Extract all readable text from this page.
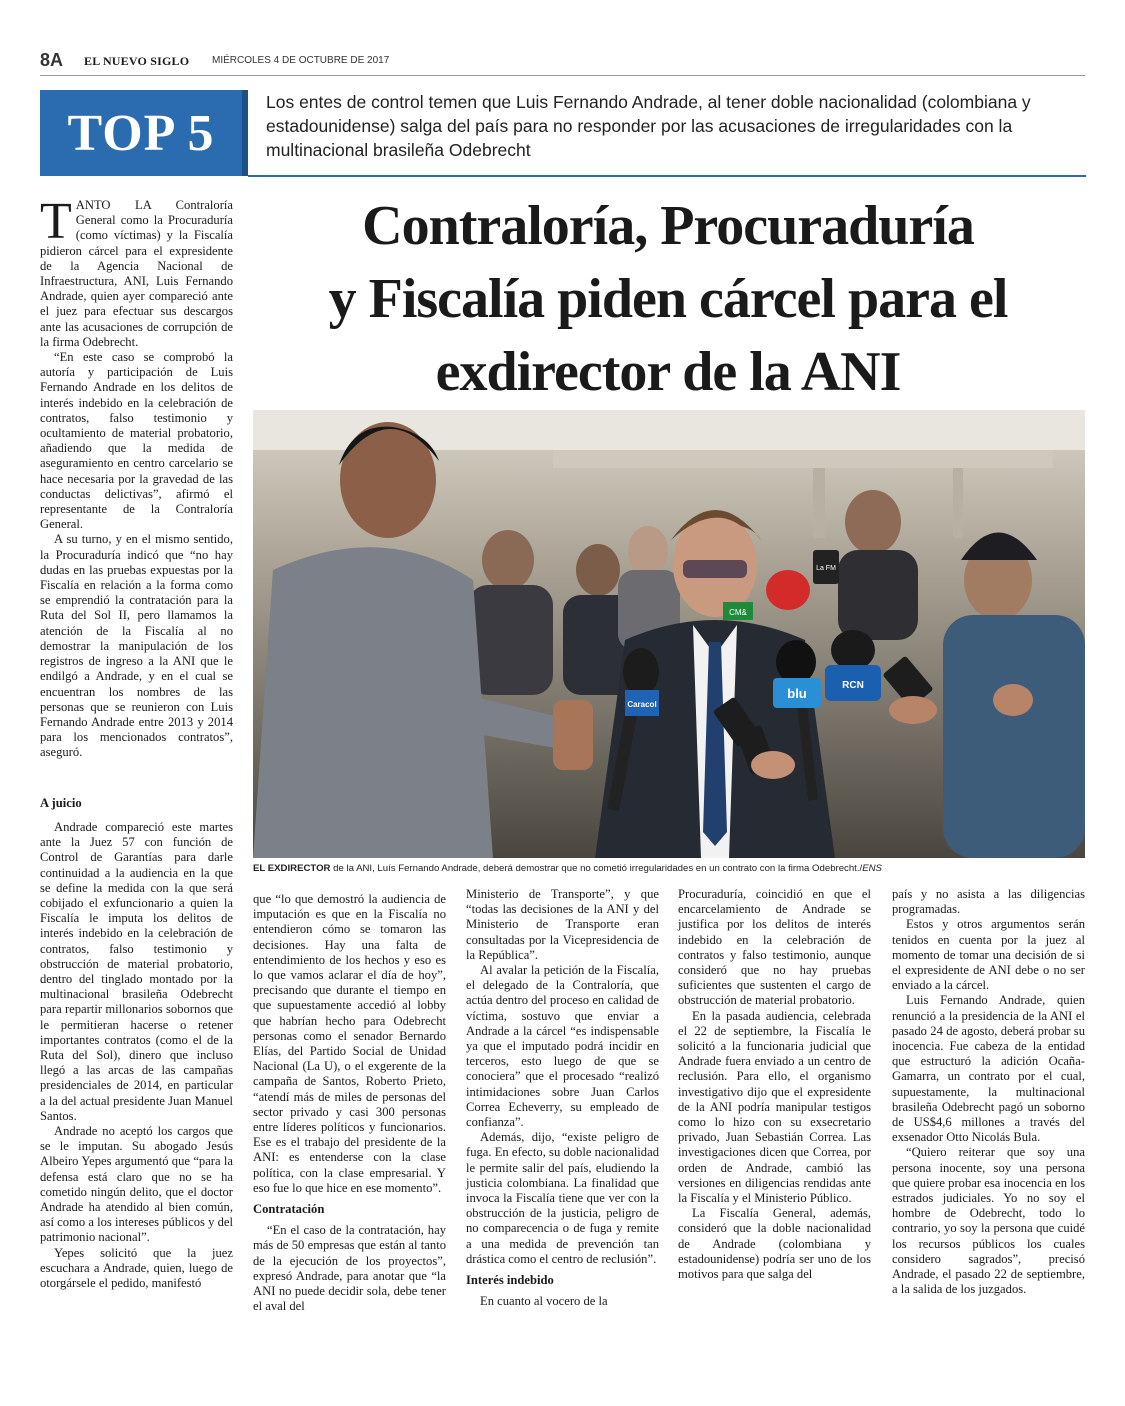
8A EL NUEVO SIGLO MIÉRCOLES 4 DE OCTUBRE DE 2017
TOP 5
Los entes de control temen que Luis Fernando Andrade, al tener doble nacionalidad (colombiana y estadounidense) salga del país para no responder por las acusaciones de irregularidades con la multinacional brasileña Odebrecht
Contraloría, Procuraduría
y Fiscalía piden cárcel para el
exdirector de la ANI
Caracol
blu
RCN
CM&
La FM
EL EXDIRECTOR de la ANI, Luís Fernando Andrade, deberá demostrar que no cometió irregularidades en un contrato con la firma Odebrecht./ENS

TANTO LA Contraloría General como la Procuraduría (como víctimas) y la Fiscalía pidieron cárcel para el expresidente de la Agencia Nacional de Infraestructura, ANI, Luis Fernando Andrade, quien ayer compareció ante el juez para efectuar sus descargos ante las acusaciones de corrupción de la firma Odebrecht.

“En este caso se comprobó la autoría y participación de Luis Fernando Andrade en los delitos de interés indebido en la celebración de contratos, falso testimonio y ocultamiento de material probatorio, añadiendo que la medida de aseguramiento en centro carcelario se hace necesaria por la gravedad de las conductas delictivas”, afirmó el representante de la Contraloría General.

A su turno, y en el mismo sentido, la Procuraduría indicó que “no hay dudas en las pruebas expuestas por la Fiscalía en relación a la forma como se emprendió la contratación para la Ruta del Sol II, pero llamamos la atención de la Fiscalía al no demostrar la manipulación de los registros de ingreso a la ANI que le endilgó a Andrade, y en el cual se encuentran los nombres de las personas que se reunieron con Luis Fernando Andrade entre 2013 y 2014 para los mencionados contratos”, aseguró.

A juicio

Andrade compareció este martes ante la Juez 57 con función de Control de Garantías para darle continuidad a la audiencia en la que se define la medida con la que será cobijado el exfuncionario a quien la Fiscalía le imputa los delitos de interés indebido en la celebración de contratos, falso testimonio y obstrucción de material probatorio, dentro del tinglado montado por la multinacional brasileña Odebrecht para repartir millonarios sobornos que le permitieran hacerse o retener importantes contratos (como el de la Ruta del Sol), dinero que incluso llegó a las arcas de las campañas presidenciales de 2014, en particular a la del actual presidente Juan Manuel Santos.

Andrade no aceptó los cargos que se le imputan. Su abogado Jesús Albeiro Yepes argumentó que “para la defensa está claro que no se ha cometido ningún delito, que el doctor Andrade ha atendido al bien común, así como a los intereses públicos y del patrimonio nacional”.

Yepes solicitó que la juez escuchara a Andrade, quien, luego de otorgársele el pedido, manifestó

que “lo que demostró la audiencia de imputación es que en la Fiscalía no entendieron cómo se tomaron las decisiones. Hay una falta de entendimiento de los hechos y eso es lo que vamos aclarar el día de hoy”, precisando que durante el tiempo en que supuestamente accedió al lobby que habrían hecho para Odebrecht personas como el senador Bernardo Elías, del Partido Social de Unidad Nacional (La U), o el exgerente de la campaña de Santos, Roberto Prieto, “atendí más de miles de personas del sector privado y casi 300 personas entre líderes políticos y funcionarios. Ese es el trabajo del presidente de la ANI: es entenderse con la clase política, con la clase empresarial. Y eso fue lo que hice en ese momento”.

Contratación

“En el caso de la contratación, hay más de 50 empresas que están al tanto de la ejecución de los proyectos”, expresó Andrade, para anotar que “la ANI no puede decidir sola, debe tener el aval del

Ministerio de Transporte”, y que “todas las decisiones de la ANI y del Ministerio de Transporte eran consultadas por la Vicepresidencia de la República”.

Al avalar la petición de la Fiscalía, el delegado de la Contraloría, que actúa dentro del proceso en calidad de víctima, sostuvo que enviar a Andrade a la cárcel “es indispensable ya que el imputado podrá incidir en terceros, esto luego de que se conociera” que el procesado “realizó intimidaciones sobre Juan Carlos Correa Echeverry, su empleado de confianza”.

Además, dijo, “existe peligro de fuga. En efecto, su doble nacionalidad le permite salir del país, eludiendo la justicia colombiana. La finalidad que invoca la Fiscalía tiene que ver con la obstrucción de la justicia, peligro de no comparecencia o de fuga y remite a una medida de prevención tan drástica como el centro de reclusión”.

Interés indebido

En cuanto al vocero de la

Procuraduría, coincidió en que el encarcelamiento de Andrade se justifica por los delitos de interés indebido en la celebración de contratos y falso testimonio, aunque consideró que no hay pruebas suficientes que sustenten el cargo de obstrucción de material probatorio.

En la pasada audiencia, celebrada el 22 de septiembre, la Fiscalía le solicitó a la funcionaria judicial que Andrade fuera enviado a un centro de reclusión. Para ello, el organismo investigativo dijo que el expresidente de la ANI podría manipular testigos como lo hizo con su exsecretario privado, Juan Sebastián Correa. Las investigaciones dicen que Correa, por orden de Andrade, cambió las versiones en diligencias rendidas ante la Fiscalía y el Ministerio Público.

La Fiscalía General, además, consideró que la doble nacionalidad de Andrade (colombiana y estadounidense) podría ser uno de los motivos para que salga del

país y no asista a las diligencias programadas.

Estos y otros argumentos serán tenidos en cuenta por la juez al momento de tomar una decisión de si el expresidente de ANI debe o no ser enviado a la cárcel.

Luis Fernando Andrade, quien renunció a la presidencia de la ANI el pasado 24 de agosto, deberá probar su inocencia. Fue cabeza de la entidad que estructuró la adición Ocaña-Gamarra, un contrato por el cual, supuestamente, la multinacional brasileña Odebrecht pagó un soborno de US$4,6 millones a través del exsenador Otto Nicolás Bula.

“Quiero reiterar que soy una persona inocente, soy una persona que quiere probar esa inocencia en los estrados judiciales. Yo no soy el hombre de Odebrecht, todo lo contrario, yo soy la persona que cuidé los recursos públicos los cuales considero sagrados”, precisó Andrade, el pasado 22 de septiembre, a la salida de los juzgados.
